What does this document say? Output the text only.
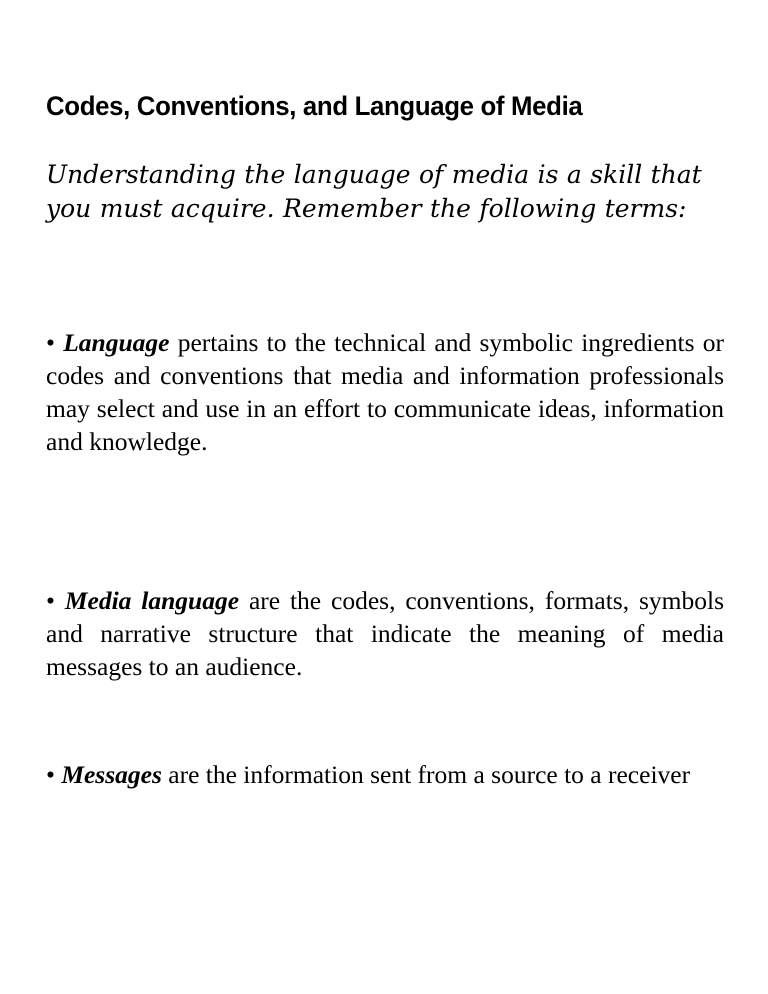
Codes, Conventions, and Language of Media

Understanding the language of media is a skill that you must acquire. Remember the following terms:

• Language pertains to the technical and symbolic ingredients or codes and conventions that media and information professionals may select and use in an effort to communicate ideas, information and knowledge.

• Media language are the codes, conventions, formats, symbols and narrative structure that indicate the meaning of media messages to an audience.

• Messages are the information sent from a source to a receiver
